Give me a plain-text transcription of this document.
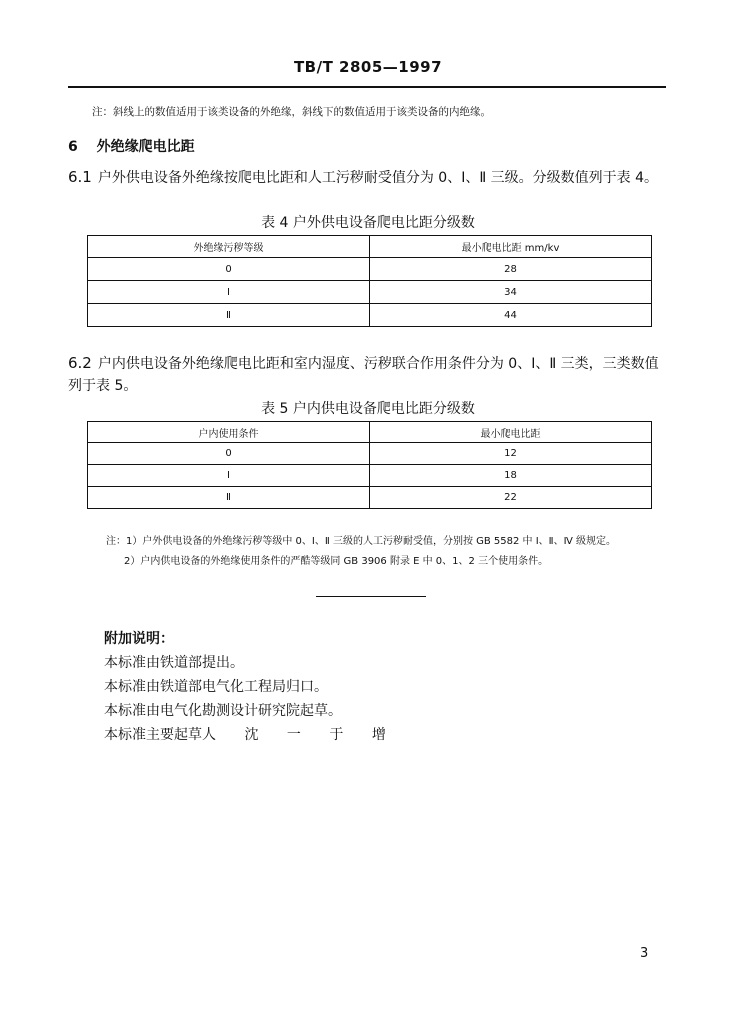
TB/T 2805—1997
注：斜线上的数值适用于该类设备的外绝缘，斜线下的数值适用于该类设备的内绝缘。
6 外绝缘爬电比距
6.1 户外供电设备外绝缘按爬电比距和人工污秽耐受值分为 0、Ⅰ、Ⅱ 三级。分级数值列于表 4。
表 4 户外供电设备爬电比距分级数
外绝缘污秽等级	最小爬电比距 mm/kv
0	28
Ⅰ	34
Ⅱ	44
6.2 户内供电设备外绝缘爬电比距和室内湿度、污秽联合作用条件分为 0、Ⅰ、Ⅱ 三类，三类数值列于表 5。
表 5 户内供电设备爬电比距分级数
户内使用条件	最小爬电比距
0	12
Ⅰ	18
Ⅱ	22
注：1）户外供电设备的外绝缘污秽等级中 0、Ⅰ、Ⅱ 三级的人工污秽耐受值，分别按 GB 5582 中 Ⅰ、Ⅱ、Ⅳ 级规定。
2）户内供电设备的外绝缘使用条件的严酷等级同 GB 3906 附录 E 中 0、1、2 三个使用条件。
附加说明：
本标准由铁道部提出。
本标准由铁道部电气化工程局归口。
本标准由电气化勘测设计研究院起草。
本标准主要起草人 沈 一 于 增
3
